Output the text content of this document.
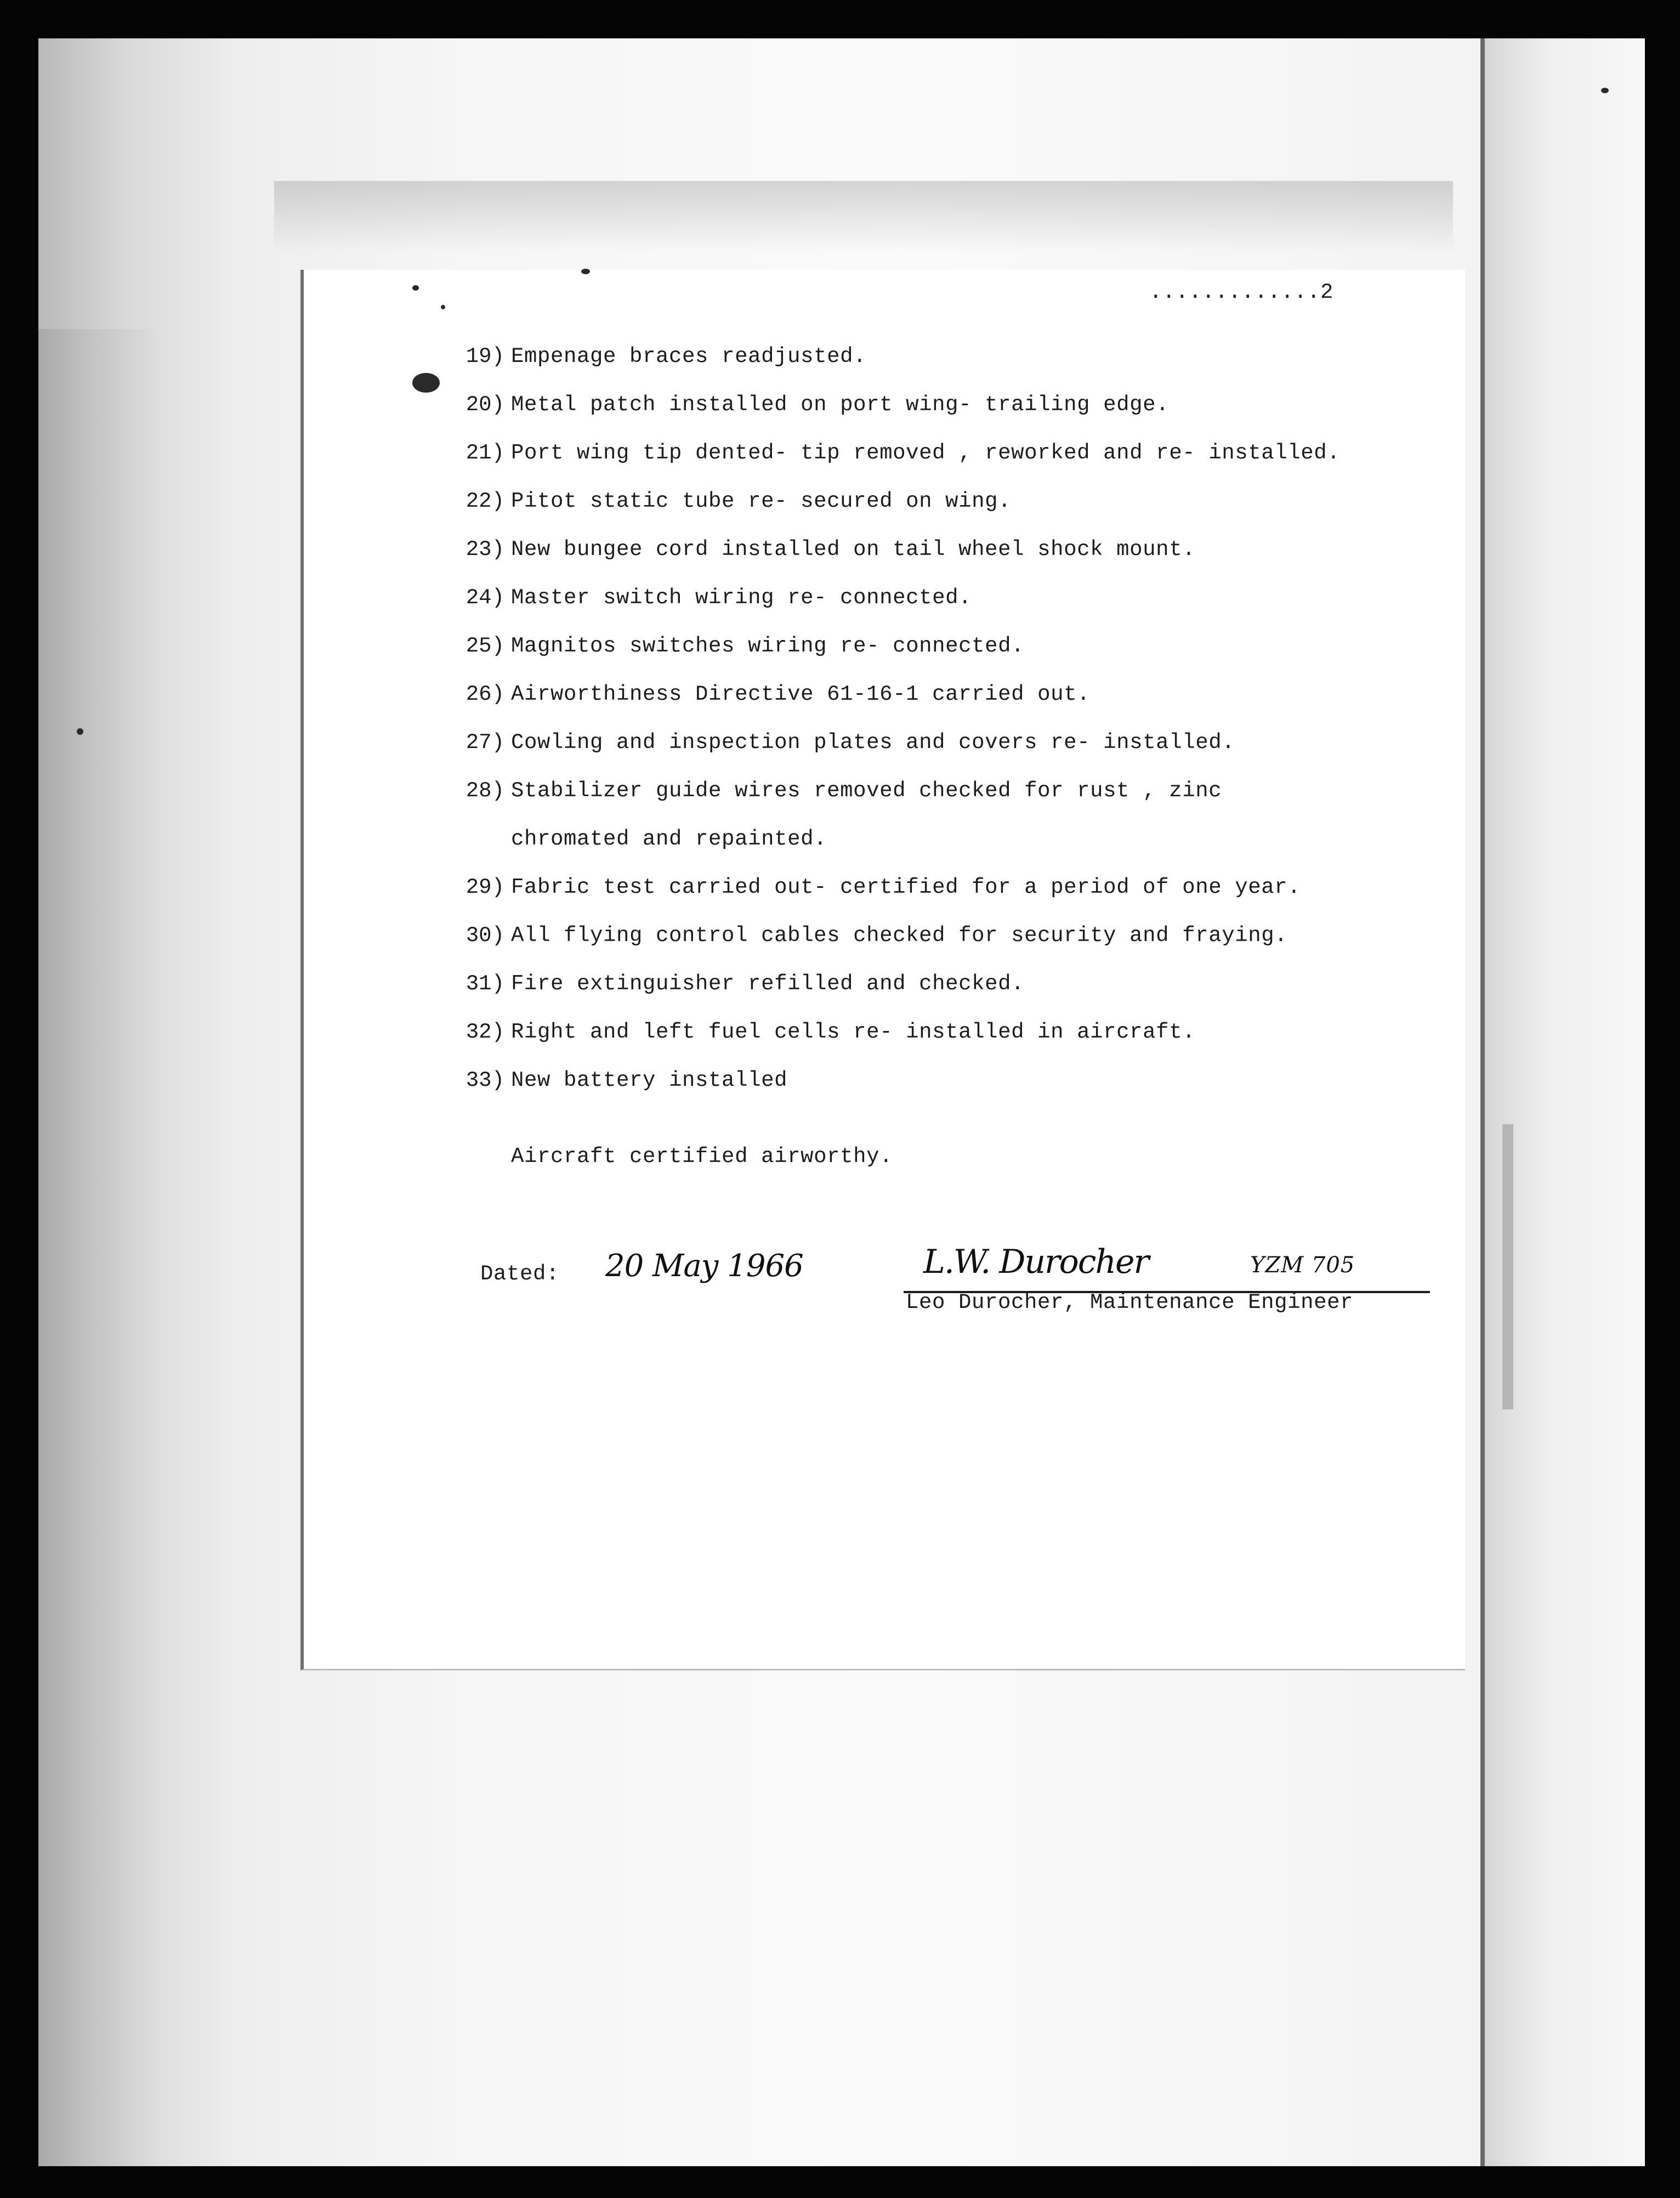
.............2
19) Empenage braces readjusted.
20) Metal patch installed on port wing- trailing edge.
21) Port wing tip dented- tip removed , reworked and re- installed.
22) Pitot static tube re- secured on wing.
23) New bungee cord installed on tail wheel shock mount.
24) Master switch wiring re- connected.
25) Magnitos switches wiring re- connected.
26) Airworthiness Directive 61-16-1 carried out.
27) Cowling and inspection plates and covers re- installed.
28) Stabilizer guide wires removed checked for rust , zinc
chromated and repainted.
29) Fabric test carried out- certified for a period of one year.
30) All flying control cables checked for security and fraying.
31) Fire extinguisher refilled and checked.
32) Right and left fuel cells re- installed in aircraft.
33) New battery installed
Aircraft certified airworthy.
Dated: 20 May 1966	L.W. Durocher	YZM 705
Leo Durocher, Maintenance Engineer
